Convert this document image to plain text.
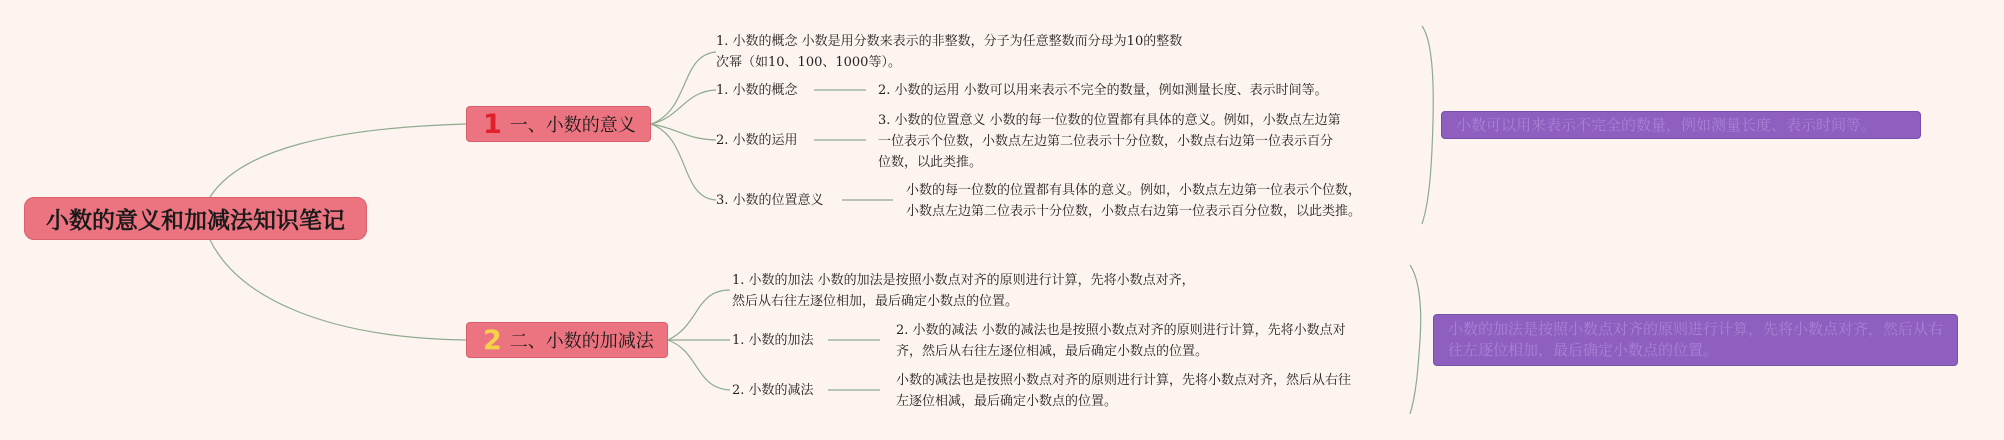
小数的意义和加减法知识笔记
1 一、小数的意义
2 二、小数的加减法
1. 小数的概念 小数是用分数来表示的非整数，分子为任意整数而分母为10的整数
次幂（如10、100、1000等）。
1. 小数的概念	2. 小数的运用 小数可以用来表示不完全的数量，例如测量长度、表示时间等。
2. 小数的运用
3. 小数的位置意义 小数的每一位数的位置都有具体的意义。例如，小数点左边第
一位表示个位数，小数点左边第二位表示十分位数，小数点右边第一位表示百分
位数，以此类推。
3. 小数的位置意义
小数的每一位数的位置都有具体的意义。例如，小数点左边第一位表示个位数，
小数点左边第二位表示十分位数，小数点右边第一位表示百分位数，以此类推。
1. 小数的加法 小数的加法是按照小数点对齐的原则进行计算，先将小数点对齐，
然后从右往左逐位相加，最后确定小数点的位置。
1. 小数的加法
2. 小数的减法 小数的减法也是按照小数点对齐的原则进行计算，先将小数点对
齐，然后从右往左逐位相减，最后确定小数点的位置。
2. 小数的减法
小数的减法也是按照小数点对齐的原则进行计算，先将小数点对齐，然后从右往
左逐位相减，最后确定小数点的位置。
小数可以用来表示不完全的数量，例如测量长度、表示时间等。
小数的加法是按照小数点对齐的原则进行计算，先将小数点对齐，然后从右往左逐位相加，最后确定小数点的位置。
